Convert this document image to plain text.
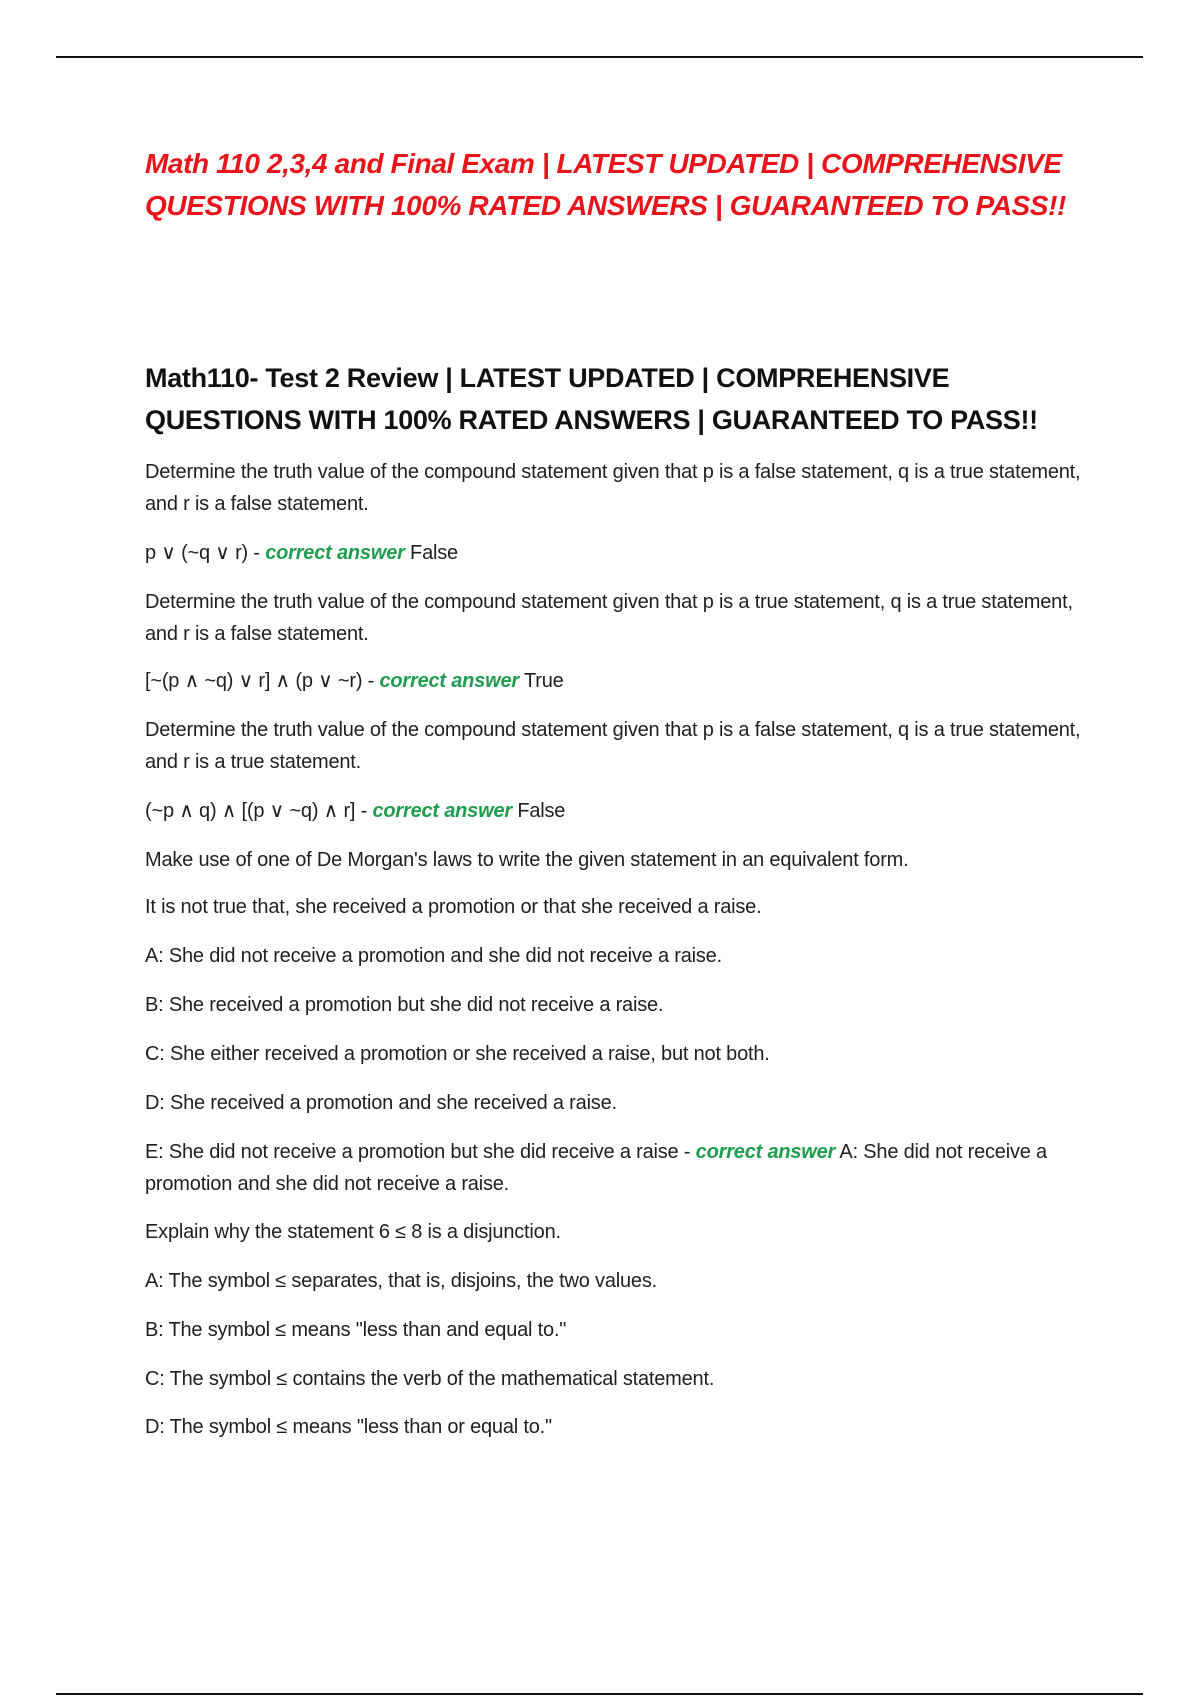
Math 110 2,3,4 and Final Exam | LATEST UPDATED | COMPREHENSIVE
QUESTIONS WITH 100% RATED ANSWERS | GUARANTEED TO PASS!!
Math110- Test 2 Review | LATEST UPDATED | COMPREHENSIVE
QUESTIONS WITH 100% RATED ANSWERS | GUARANTEED TO PASS!!

Determine the truth value of the compound statement given that p is a false statement, q is a true statement, and r is a false statement.

p ∨ (~q ∨ r) - correct answer False

Determine the truth value of the compound statement given that p is a true statement, q is a true statement, and r is a false statement.

[~(p ∧ ~q) ∨ r] ∧ (p ∨ ~r) - correct answer True

Determine the truth value of the compound statement given that p is a false statement, q is a true statement, and r is a true statement.

(~p ∧ q) ∧ [(p ∨ ~q) ∧ r] - correct answer False

Make use of one of De Morgan's laws to write the given statement in an equivalent form.

It is not true that, she received a promotion or that she received a raise.

A: She did not receive a promotion and she did not receive a raise.

B: She received a promotion but she did not receive a raise.

C: She either received a promotion or she received a raise, but not both.

D: She received a promotion and she received a raise.

E: She did not receive a promotion but she did receive a raise - correct answer A: She did not receive a promotion and she did not receive a raise.

Explain why the statement 6 ≤ 8 is a disjunction.

A: The symbol ≤ separates, that is, disjoins, the two values.

B: The symbol ≤ means "less than and equal to."

C: The symbol ≤ contains the verb of the mathematical statement.

D: The symbol ≤ means "less than or equal to."
